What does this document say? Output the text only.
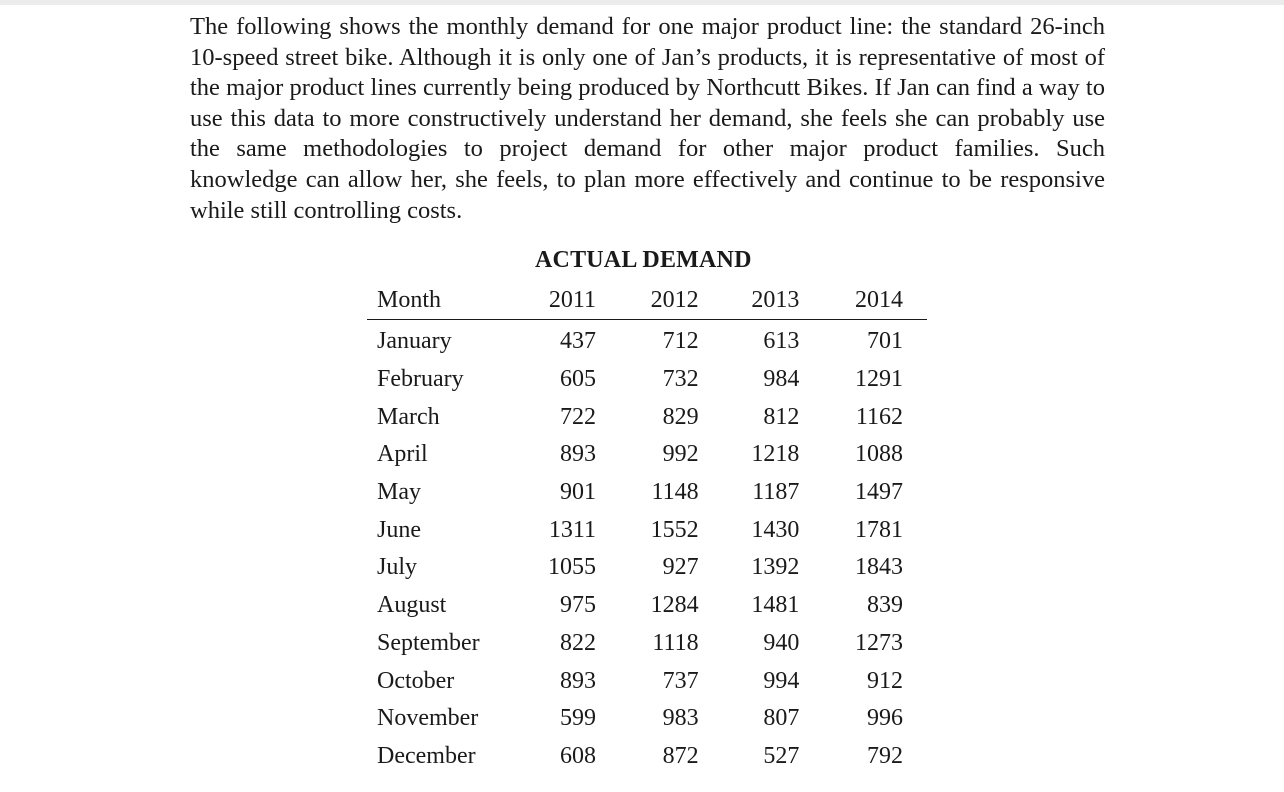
The following shows the monthly demand for one major product line: the standard 26-inch 10-speed street bike. Although it is only one of Jan’s products, it is representative of most of the major product lines currently being produced by Northcutt Bikes. If Jan can find a way to use this data to more constructively understand her demand, she feels she can probably use the same methodologies to project demand for other major product families. Such knowledge can allow her, she feels, to plan more effectively and continue to be responsive while still controlling costs.

ACTUAL DEMAND
Month	2011	2012	2013	2014
January	437	712	613	701
February	605	732	984	1291
March	722	829	812	1162
April	893	992	1218	1088
May	901	1148	1187	1497
June	1311	1552	1430	1781
July	1055	927	1392	1843
August	975	1284	1481	839
September	822	1118	940	1273
October	893	737	994	912
November	599	983	807	996
December	608	872	527	792
